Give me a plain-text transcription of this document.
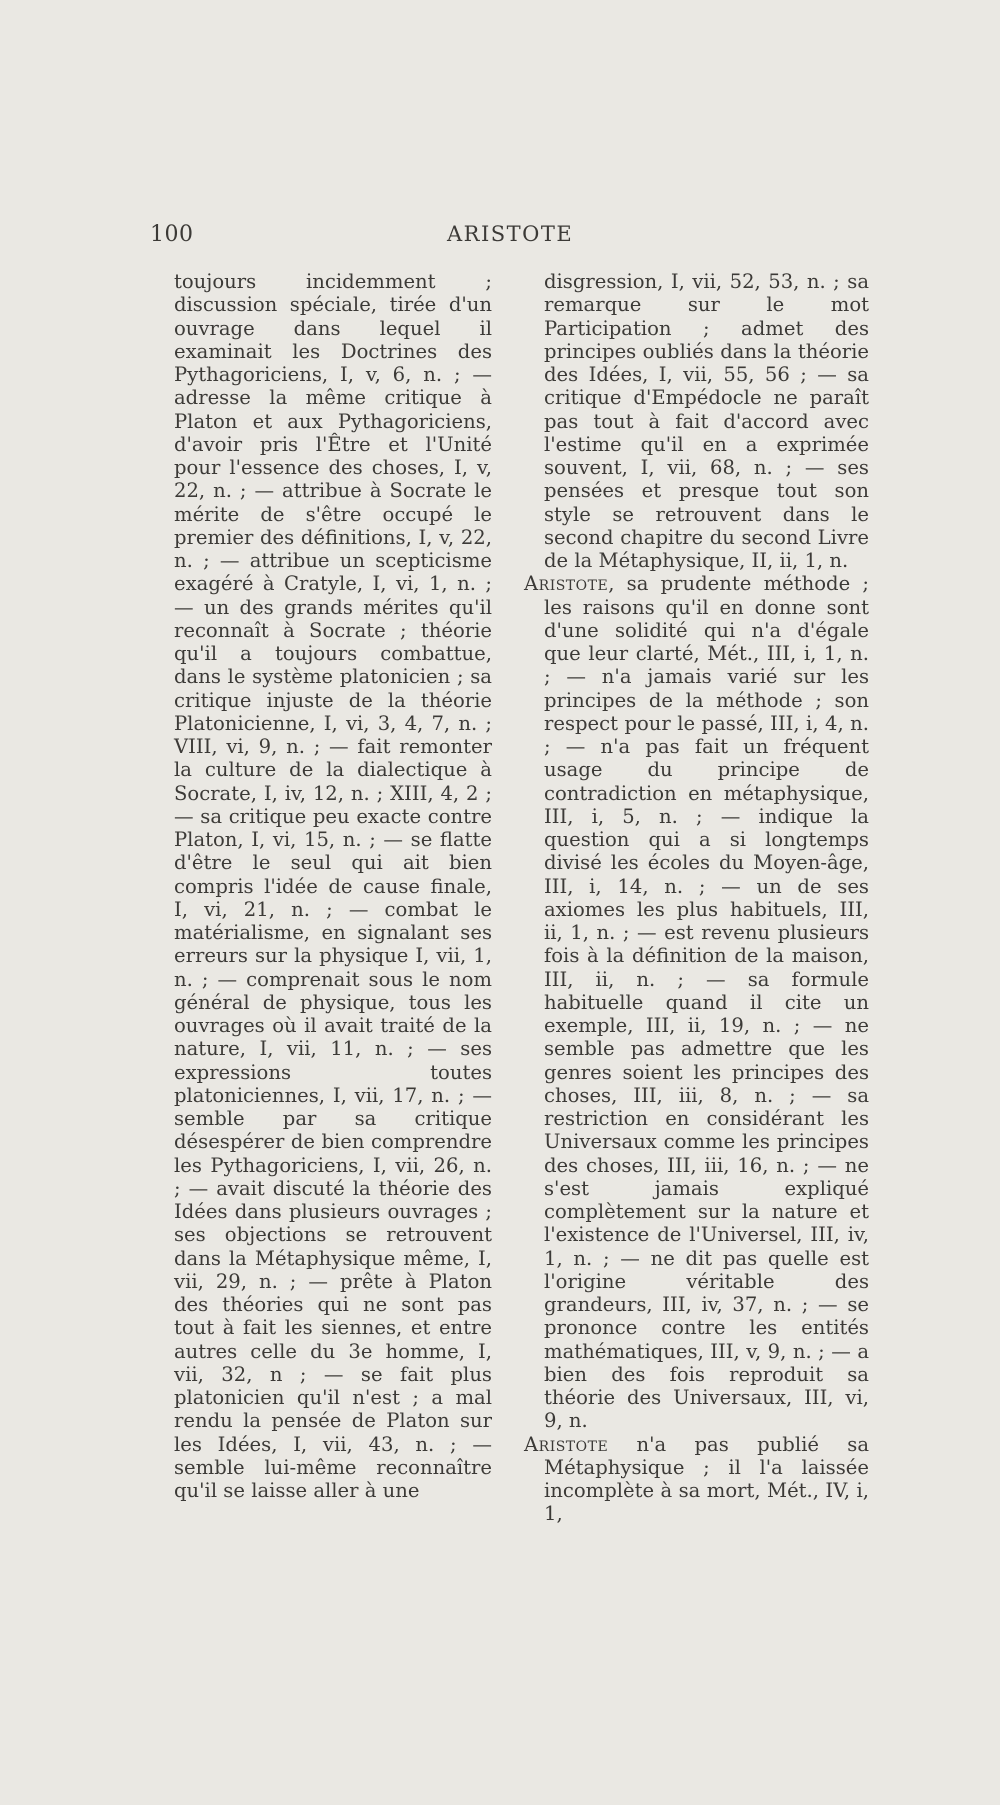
100	ARISTOTE

toujours incidemment ; discussion spéciale, tirée d'un ouvrage dans lequel il examinait les Doctrines des Pythagoriciens, I, v, 6, n. ; — adresse la même critique à Platon et aux Pythagoriciens, d'avoir pris l'Être et l'Unité pour l'essence des choses, I, v, 22, n. ; — attribue à Socrate le mérite de s'être occupé le premier des définitions, I, v, 22, n. ; — attribue un scepticisme exagéré à Cratyle, I, vi, 1, n. ; — un des grands mérites qu'il reconnaît à Socrate ; théorie qu'il a toujours combattue, dans le système platonicien ; sa critique injuste de la théorie Platonicienne, I, vi, 3, 4, 7, n. ; VIII, vi, 9, n. ; — fait remonter la culture de la dialectique à Socrate, I, iv, 12, n. ; XIII, 4, 2 ; — sa critique peu exacte contre Platon, I, vi, 15, n. ; — se flatte d'être le seul qui ait bien compris l'idée de cause finale, I, vi, 21, n. ; — combat le matérialisme, en signalant ses erreurs sur la physique I, vii, 1, n. ; — comprenait sous le nom général de physique, tous les ouvrages où il avait traité de la nature, I, vii, 11, n. ; — ses expressions toutes platoniciennes, I, vii, 17, n. ; — semble par sa critique désespérer de bien comprendre les Pythagoriciens, I, vii, 26, n. ; — avait discuté la théorie des Idées dans plusieurs ouvrages ; ses objections se retrouvent dans la Métaphysique même, I, vii, 29, n. ; — prête à Platon des théories qui ne sont pas tout à fait les siennes, et entre autres celle du 3e homme, I, vii, 32, n ; — se fait plus platonicien qu'il n'est ; a mal rendu la pensée de Platon sur les Idées, I, vii, 43, n. ; — semble lui-même reconnaître qu'il se laisse aller à une

disgression, I, vii, 52, 53, n. ; sa remarque sur le mot Participation ; admet des principes oubliés dans la théorie des Idées, I, vii, 55, 56 ; — sa critique d'Empédocle ne paraît pas tout à fait d'accord avec l'estime qu'il en a exprimée souvent, I, vii, 68, n. ; — ses pensées et presque tout son style se retrouvent dans le second chapitre du second Livre de la Métaphysique, II, ii, 1, n.

Aristote, sa prudente méthode ; les raisons qu'il en donne sont d'une solidité qui n'a d'égale que leur clarté, Mét., III, i, 1, n. ; — n'a jamais varié sur les principes de la méthode ; son respect pour le passé, III, i, 4, n. ; — n'a pas fait un fréquent usage du principe de contradiction en métaphysique, III, i, 5, n. ; — indique la question qui a si longtemps divisé les écoles du Moyen-âge, III, i, 14, n. ; — un de ses axiomes les plus habituels, III, ii, 1, n. ; — est revenu plusieurs fois à la définition de la maison, III, ii, n. ; — sa formule habituelle quand il cite un exemple, III, ii, 19, n. ; — ne semble pas admettre que les genres soient les principes des choses, III, iii, 8, n. ; — sa restriction en considérant les Universaux comme les principes des choses, III, iii, 16, n. ; — ne s'est jamais expliqué complètement sur la nature et l'existence de l'Universel, III, iv, 1, n. ; — ne dit pas quelle est l'origine véritable des grandeurs, III, iv, 37, n. ; — se prononce contre les entités mathématiques, III, v, 9, n. ; — a bien des fois reproduit sa théorie des Universaux, III, vi, 9, n.

Aristote n'a pas publié sa Métaphysique ; il l'a laissée incomplète à sa mort, Mét., IV, i, 1,
